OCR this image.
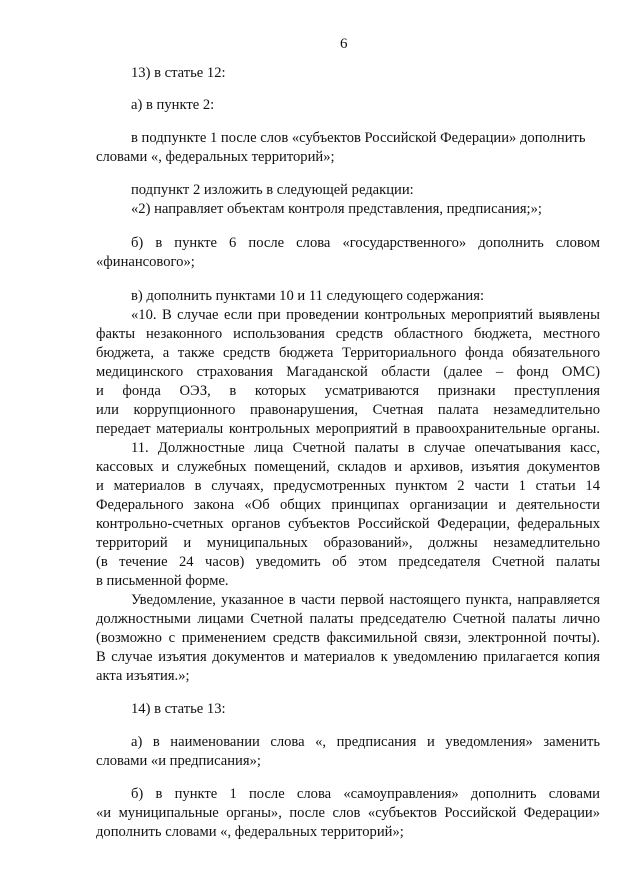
6
13) в статье 12:
а) в пункте 2:
в подпункте 1 после слов «субъектов Российской Федерации» дополнить
словами «, федеральных территорий»;
подпункт 2 изложить в следующей редакции:
«2) направляет объектам контроля представления, предписания;»;
б) в пункте 6 после слова «государственного» дополнить словом
«финансового»;
в) дополнить пунктами 10 и 11 следующего содержания:
«10. В случае если при проведении контрольных мероприятий выявлены
факты незаконного использования средств областного бюджета, местного
бюджета, а также средств бюджета Территориального фонда обязательного
медицинского страхования Магаданской области (далее – фонд ОМС)
и фонда ОЭЗ, в которых усматриваются признаки преступления
или коррупционного правонарушения, Счетная палата незамедлительно
передает материалы контрольных мероприятий в правоохранительные органы.
11. Должностные лица Счетной палаты в случае опечатывания касс,
кассовых и служебных помещений, складов и архивов, изъятия документов
и материалов в случаях, предусмотренных пунктом 2 части 1 статьи 14
Федерального закона «Об общих принципах организации и деятельности
контрольно-счетных органов субъектов Российской Федерации, федеральных
территорий и муниципальных образований», должны незамедлительно
(в течение 24 часов) уведомить об этом председателя Счетной палаты
в письменной форме.
Уведомление, указанное в части первой настоящего пункта, направляется
должностными лицами Счетной палаты председателю Счетной палаты лично
(возможно с применением средств факсимильной связи, электронной почты).
В случае изъятия документов и материалов к уведомлению прилагается копия
акта изъятия.»;
14) в статье 13:
а) в наименовании слова «, предписания и уведомления» заменить
словами «и предписания»;
б) в пункте 1 после слова «самоуправления» дополнить словами
«и муниципальные органы», после слов «субъектов Российской Федерации»
дополнить словами «, федеральных территорий»;
